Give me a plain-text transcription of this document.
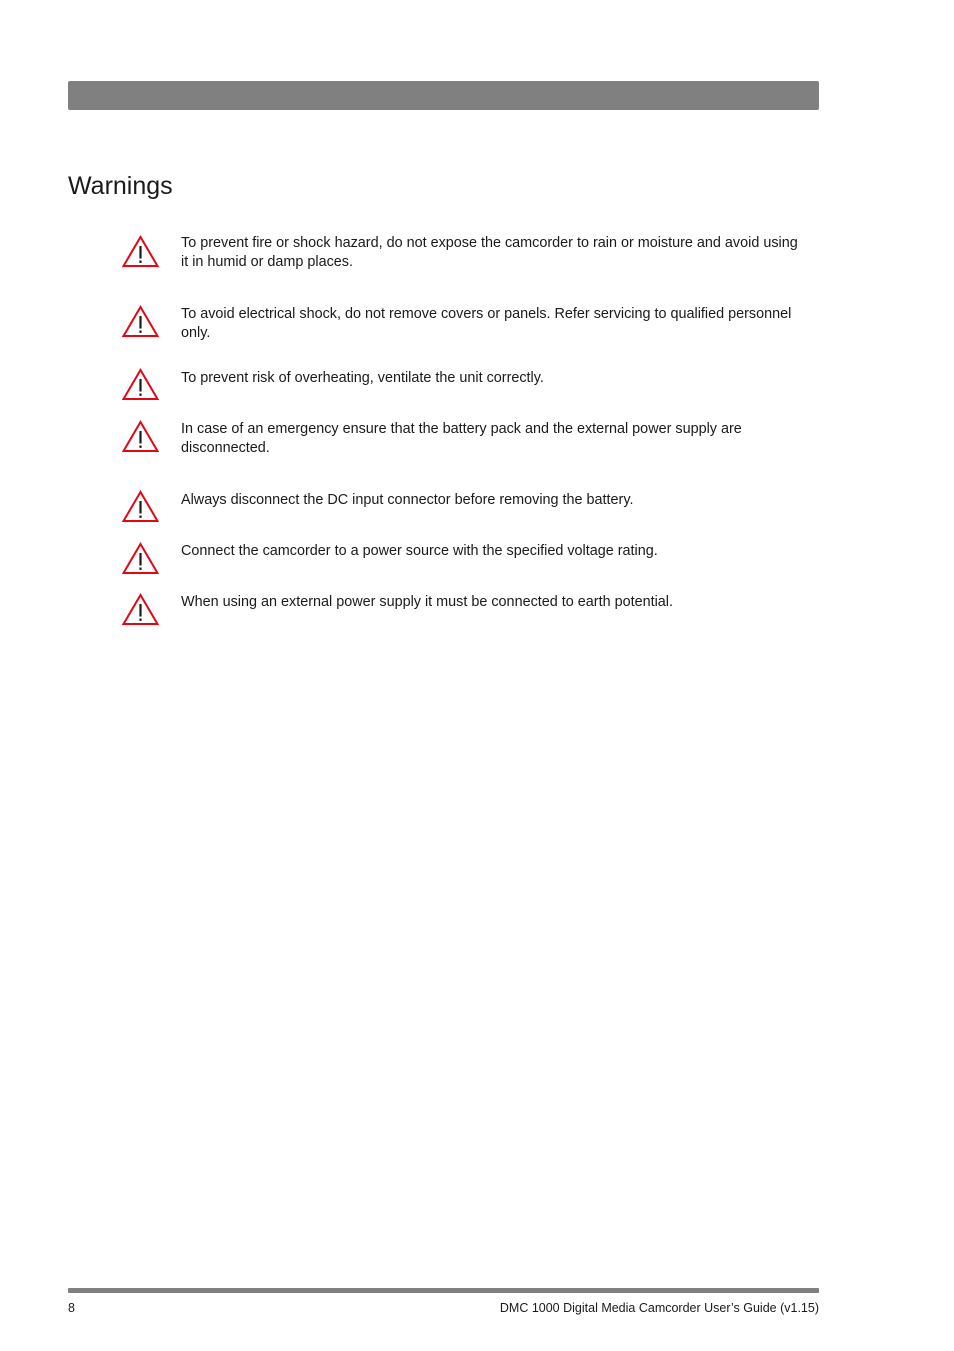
Warnings
To prevent fire or shock hazard, do not expose the camcorder to rain or moisture and avoid using it in humid or damp places.
To avoid electrical shock, do not remove covers or panels. Refer servicing to qualified personnel only.
To prevent risk of overheating, ventilate the unit correctly.
In case of an emergency ensure that the battery pack and the external power supply are disconnected.
Always disconnect the DC input connector before removing the battery.
Connect the camcorder to a power source with the specified voltage rating.
When using an external power supply it must be connected to earth potential.
8	DMC 1000 Digital Media Camcorder User’s Guide (v1.15)
